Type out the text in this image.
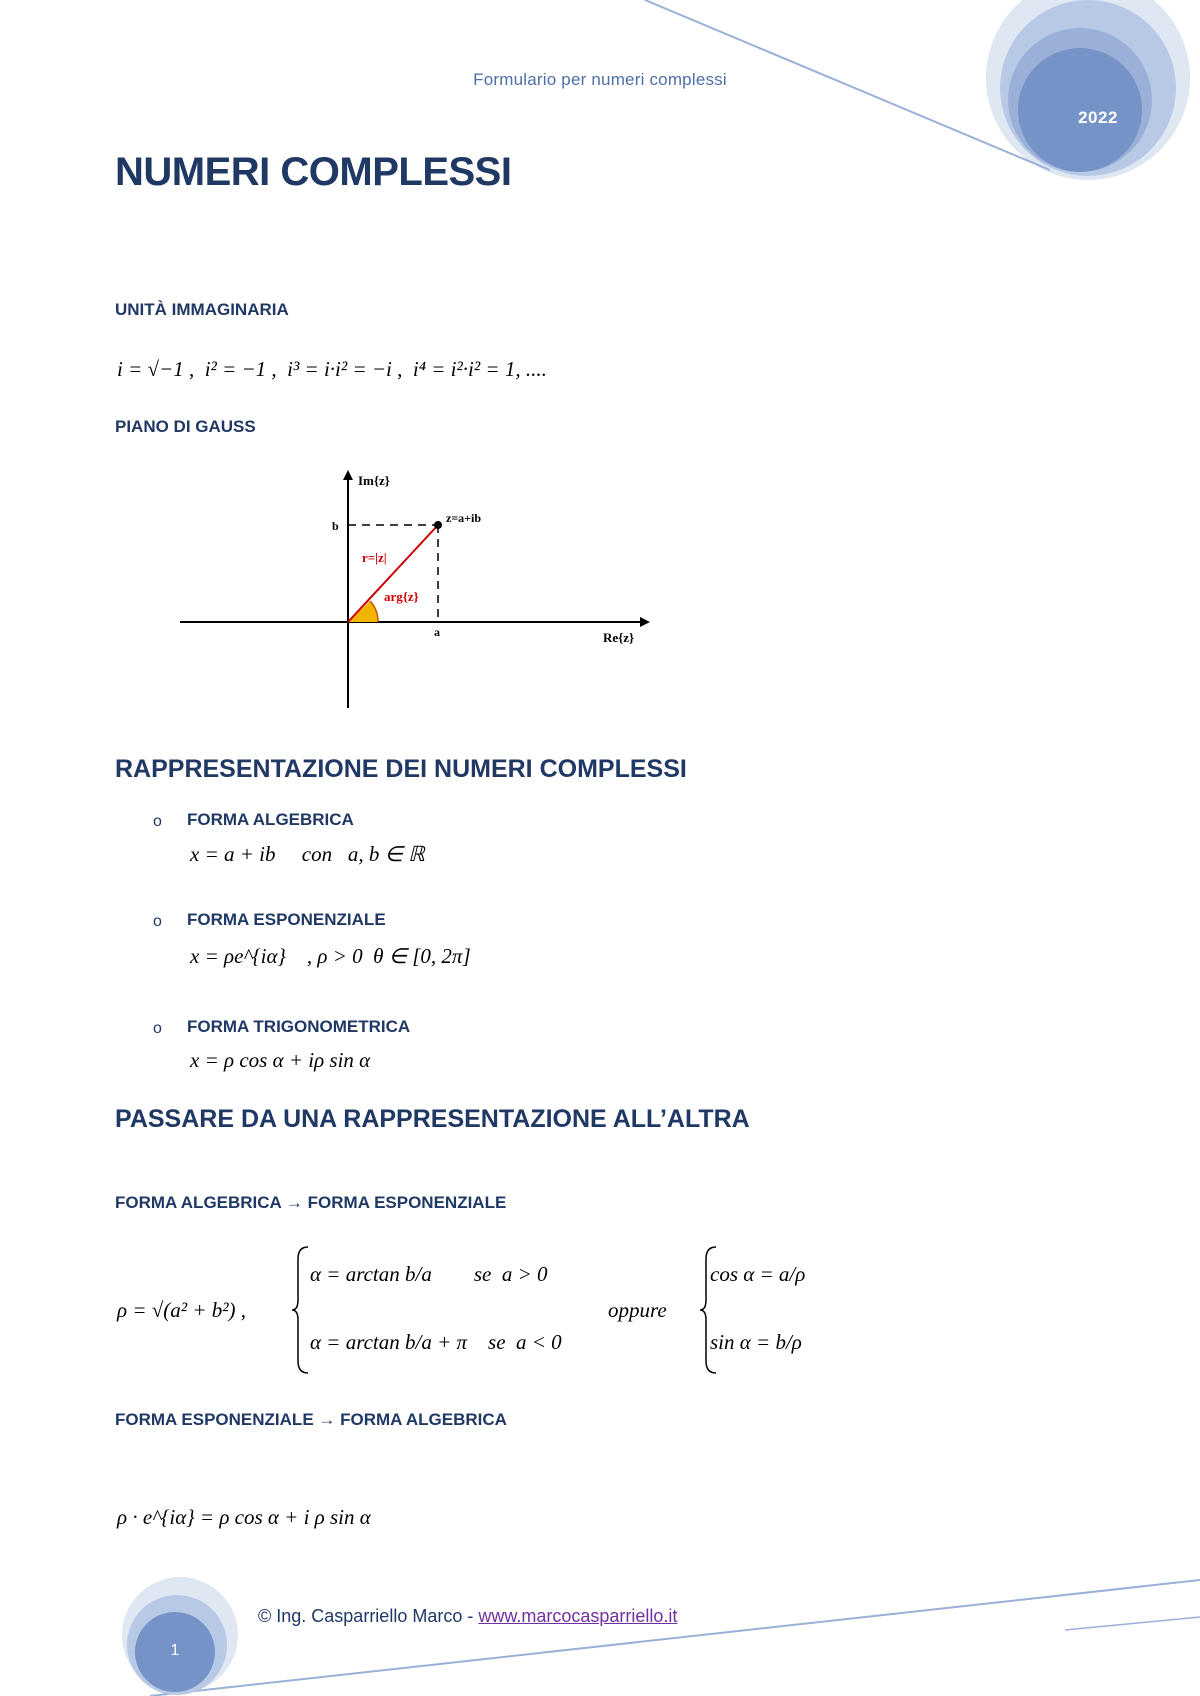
Formulario per numeri complessi
2022
NUMERI COMPLESSI
UNITÀ IMMAGINARIA
i = √−1 ,  i² = −1 ,  i³ = i·i² = −i ,  i⁴ = i²·i² = 1, ....
PIANO DI GAUSS
Im{z}
z=a+ib
r=|z|
arg{z}
b
a	Re{z}
RAPPRESENTAZIONE DEI NUMERI COMPLESSI
o FORMA ALGEBRICA
x = a + ib     con   a, b ∈ ℝ
o FORMA ESPONENZIALE
x = ρe^{iα}    , ρ > 0  θ ∈ [0, 2π]
o FORMA TRIGONOMETRICA
x = ρ cos α + iρ sin α
PASSARE DA UNA RAPPRESENTAZIONE ALL’ALTRA
FORMA ALGEBRICA → FORMA ESPONENZIALE
ρ = √(a² + b²) ,
α = arctan b/a        se  a > 0
α = arctan b/a + π    se  a < 0
oppure
cos α = a/ρ
sin α = b/ρ
FORMA ESPONENZIALE → FORMA ALGEBRICA
ρ · e^{iα} = ρ cos α + i ρ sin α
© Ing. Casparriello Marco - www.marcocasparriello.it
1
